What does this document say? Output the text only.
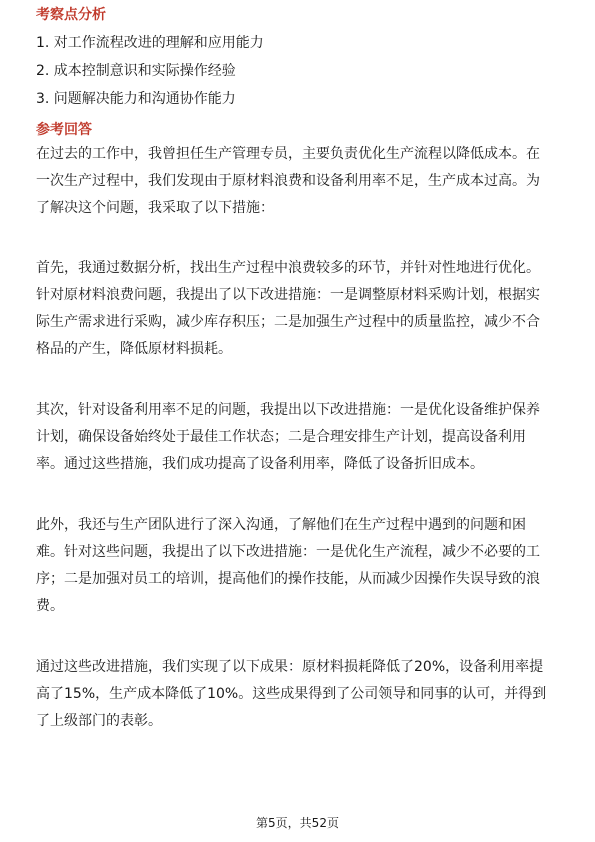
考察点分析
1. 对工作流程改进的理解和应用能力
2. 成本控制意识和实际操作经验
3. 问题解决能力和沟通协作能力
参考回答
在过去的工作中，我曾担任生产管理专员，主要负责优化生产流程以降低成本。在
一次生产过程中，我们发现由于原材料浪费和设备利用率不足，生产成本过高。为
了解决这个问题，我采取了以下措施：
首先，我通过数据分析，找出生产过程中浪费较多的环节，并针对性地进行优化。
针对原材料浪费问题，我提出了以下改进措施：一是调整原材料采购计划，根据实
际生产需求进行采购，减少库存积压；二是加强生产过程中的质量监控，减少不合
格品的产生，降低原材料损耗。
其次，针对设备利用率不足的问题，我提出以下改进措施：一是优化设备维护保养
计划，确保设备始终处于最佳工作状态；二是合理安排生产计划，提高设备利用
率。通过这些措施，我们成功提高了设备利用率，降低了设备折旧成本。
此外，我还与生产团队进行了深入沟通，了解他们在生产过程中遇到的问题和困
难。针对这些问题，我提出了以下改进措施：一是优化生产流程，减少不必要的工
序；二是加强对员工的培训，提高他们的操作技能，从而减少因操作失误导致的浪
费。
通过这些改进措施，我们实现了以下成果：原材料损耗降低了20%，设备利用率提
高了15%，生产成本降低了10%。这些成果得到了公司领导和同事的认可，并得到
了上级部门的表彰。
第5页，共52页
